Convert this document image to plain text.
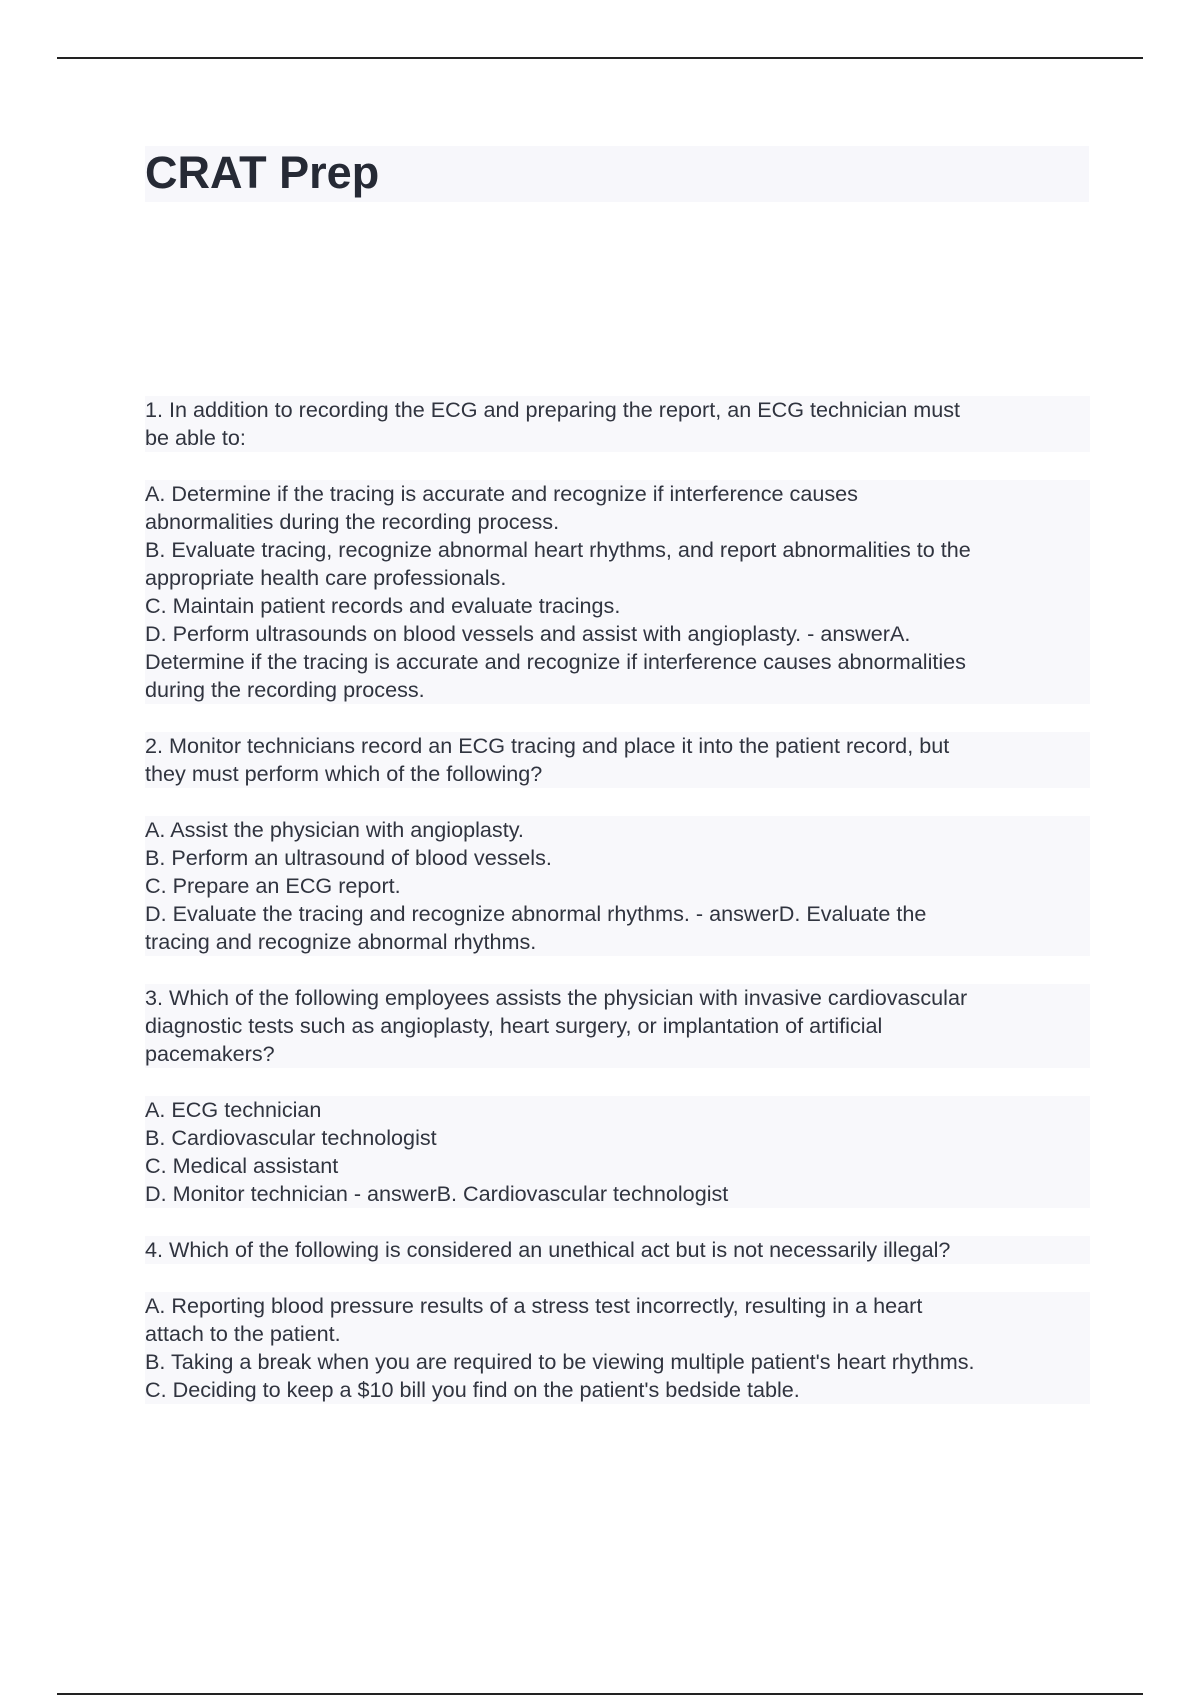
CRAT Prep
1. In addition to recording the ECG and preparing the report, an ECG technician must
be able to:
A. Determine if the tracing is accurate and recognize if interference causes
abnormalities during the recording process.
B. Evaluate tracing, recognize abnormal heart rhythms, and report abnormalities to the
appropriate health care professionals.
C. Maintain patient records and evaluate tracings.
D. Perform ultrasounds on blood vessels and assist with angioplasty. - answerA.
Determine if the tracing is accurate and recognize if interference causes abnormalities
during the recording process.
2. Monitor technicians record an ECG tracing and place it into the patient record, but
they must perform which of the following?
A. Assist the physician with angioplasty.
B. Perform an ultrasound of blood vessels.
C. Prepare an ECG report.
D. Evaluate the tracing and recognize abnormal rhythms. - answerD. Evaluate the
tracing and recognize abnormal rhythms.
3. Which of the following employees assists the physician with invasive cardiovascular
diagnostic tests such as angioplasty, heart surgery, or implantation of artificial
pacemakers?
A. ECG technician
B. Cardiovascular technologist
C. Medical assistant
D. Monitor technician - answerB. Cardiovascular technologist
4. Which of the following is considered an unethical act but is not necessarily illegal?
A. Reporting blood pressure results of a stress test incorrectly, resulting in a heart
attach to the patient.
B. Taking a break when you are required to be viewing multiple patient's heart rhythms.
C. Deciding to keep a $10 bill you find on the patient's bedside table.
